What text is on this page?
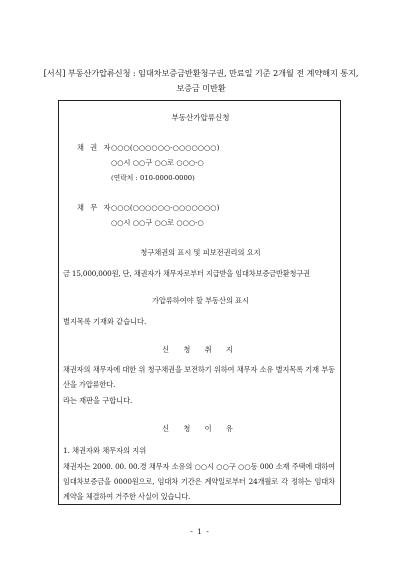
[서식] 부동산가압류신청 : 임대차보증금반환청구권, 만료일 기준 2개월 전 계약해지 통지, 보증금 미반환
부동산가압류신청
채 권 자
○○○(○○○○○○-○○○○○○○)
○○시 ○○구 ○○로 ○○○-○
(연락처 : 010-0000-0000)
채 무 자
○○○(○○○○○○-○○○○○○○)
○○시 ○○구 ○○로 ○○○-○
청구채권의 표시 및 피보전권리의 요지
금 15,000,000원, 단, 채권자가 채무자로부터 지급받을 임대차보증금반환청구권
가압류하여야 할 부동산의 표시
별지목록 기재와 같습니다.
신 청 취 지
채권자의 채무자에 대한 위 청구채권을 보전하기 위하여 채무자 소유 별지목록 기재 부동산을 가압류한다.
라는 재판을 구합니다.
신 청 이 유
1. 채권자와 채무자의 지위
채권자는 2000. 00. 00.경 채무자 소유의 ○○시 ○○구 ○○동 000 소재 주택에 대하여 임대차보증금을 0000원으로, 임대차 기간은 계약일로부터 24개월로 각 정하는 임대차계약을 체결하여 거주한 사실이 있습니다.
- 1 -
